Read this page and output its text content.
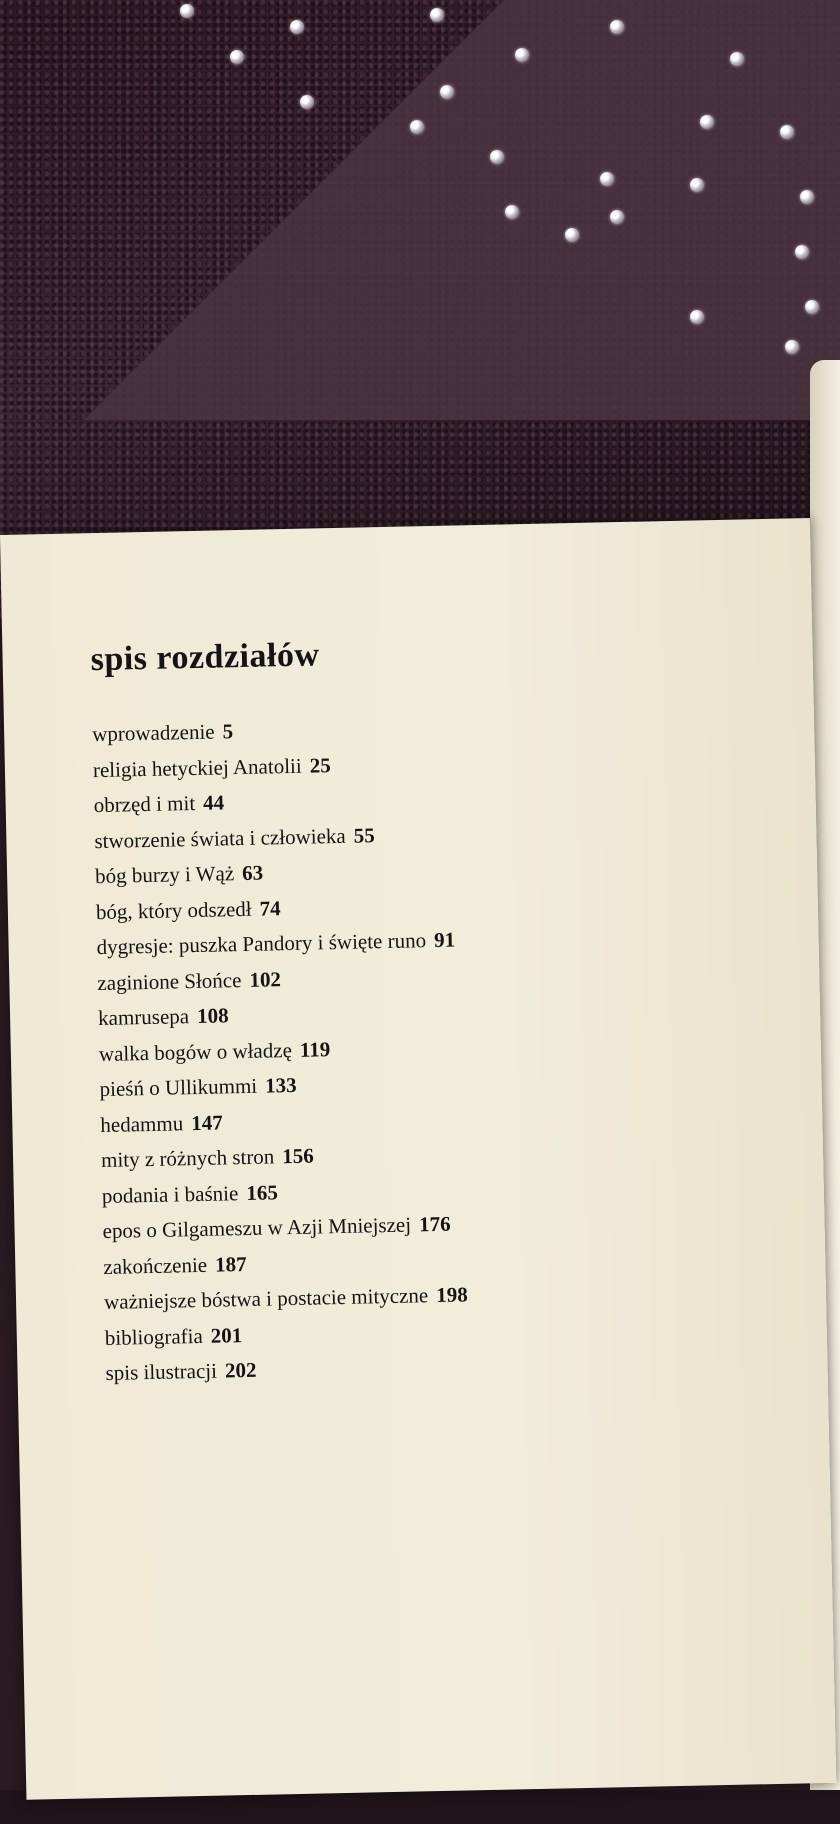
spis rozdziałów
wprowadzenie 5
religia hetyckiej Anatolii 25
obrzęd i mit 44
stworzenie świata i człowieka 55
bóg burzy i Wąż 63
bóg, który odszedł 74
dygresje: puszka Pandory i święte runo 91
zaginione Słońce 102
kamrusepa 108
walka bogów o władzę 119
pieśń o Ullikummi 133
hedammu 147
mity z różnych stron 156
podania i baśnie 165
epos o Gilgameszu w Azji Mniejszej 176
zakończenie 187
ważniejsze bóstwa i postacie mityczne 198
bibliografia 201
spis ilustracji 202
